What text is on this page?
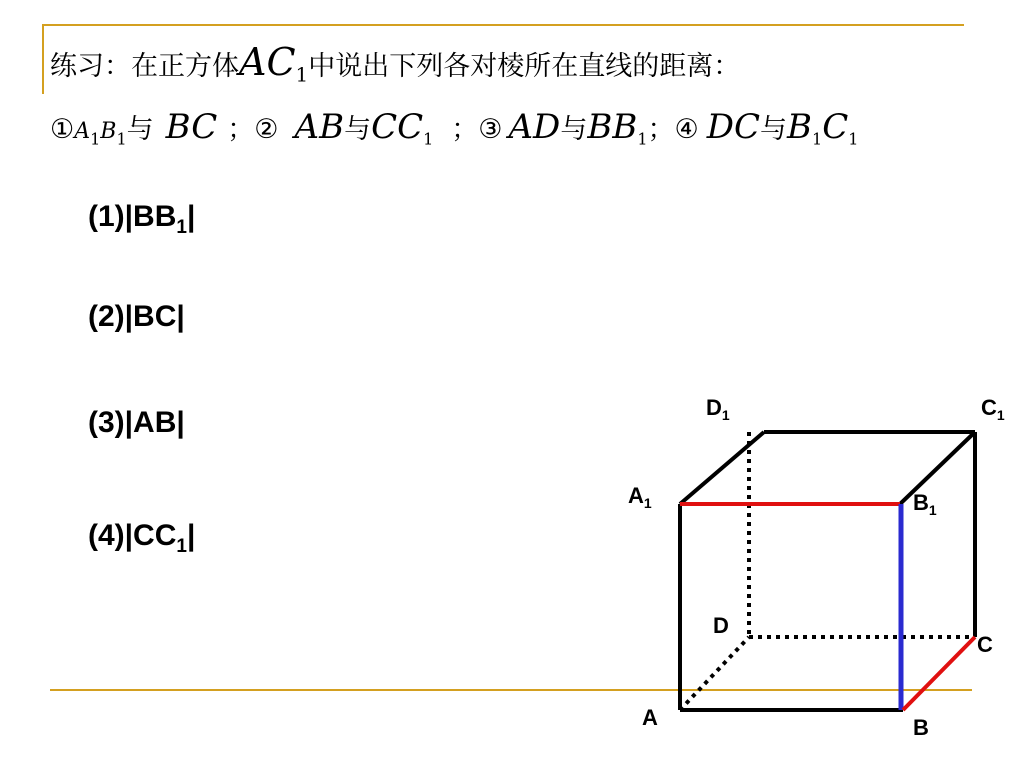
练习：在正方体$AC_1$中说出下列各对棱所在直线的距离：
$①A_1B_1$与 BC ；② AB与$CC_1$ ；③ AD与$BB_1$；④ DC与$B_1C_1$
$(1)|BB_1|$
(2)|BC|
(3)|AB|
$(4)|CC_1|$
$D_1$	$C_1$
$A_1$	$B_1$
D
C
A	B
